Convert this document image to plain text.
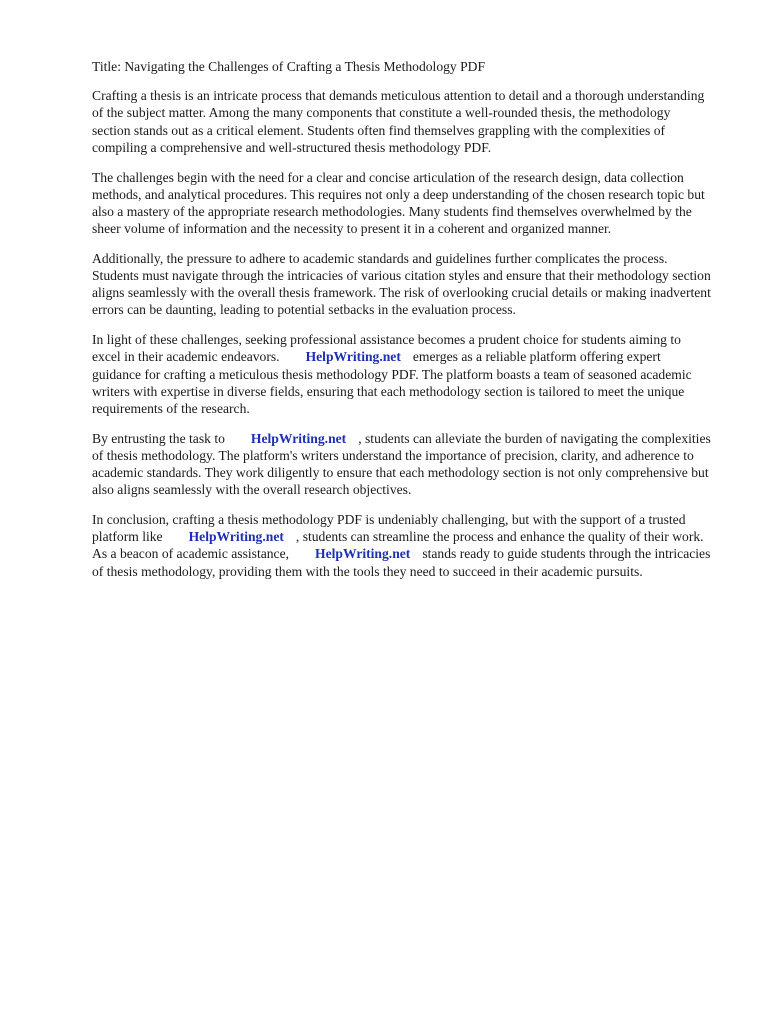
Title: Navigating the Challenges of Crafting a Thesis Methodology PDF

Crafting a thesis is an intricate process that demands meticulous attention to detail and a thorough understanding of the subject matter. Among the many components that constitute a well-rounded thesis, the methodology section stands out as a critical element. Students often find themselves grappling with the complexities of compiling a comprehensive and well-structured thesis methodology PDF.

The challenges begin with the need for a clear and concise articulation of the research design, data collection methods, and analytical procedures. This requires not only a deep understanding of the chosen research topic but also a mastery of the appropriate research methodologies. Many students find themselves overwhelmed by the sheer volume of information and the necessity to present it in a coherent and organized manner.

Additionally, the pressure to adhere to academic standards and guidelines further complicates the process. Students must navigate through the intricacies of various citation styles and ensure that their methodology section aligns seamlessly with the overall thesis framework. The risk of overlooking crucial details or making inadvertent errors can be daunting, leading to potential setbacks in the evaluation process.

In light of these challenges, seeking professional assistance becomes a prudent choice for students aiming to excel in their academic endeavors. HelpWriting.net emerges as a reliable platform offering expert guidance for crafting a meticulous thesis methodology PDF. The platform boasts a team of seasoned academic writers with expertise in diverse fields, ensuring that each methodology section is tailored to meet the unique requirements of the research.

By entrusting the task to HelpWriting.net , students can alleviate the burden of navigating the complexities of thesis methodology. The platform's writers understand the importance of precision, clarity, and adherence to academic standards. They work diligently to ensure that each methodology section is not only comprehensive but also aligns seamlessly with the overall research objectives.

In conclusion, crafting a thesis methodology PDF is undeniably challenging, but with the support of a trusted platform like HelpWriting.net , students can streamline the process and enhance the quality of their work. As a beacon of academic assistance, HelpWriting.net stands ready to guide students through the intricacies of thesis methodology, providing them with the tools they need to succeed in their academic pursuits.
